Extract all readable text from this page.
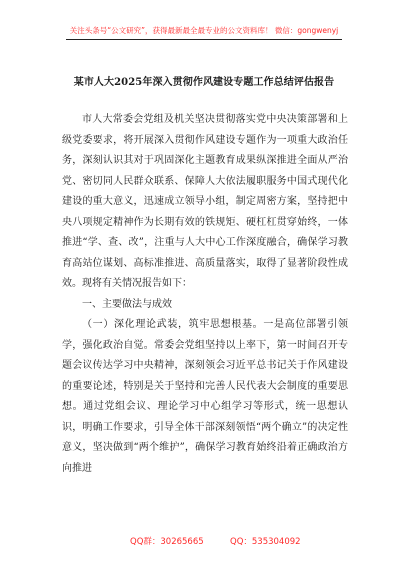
关注头条号“公文研究”，获得最新最全最专业的公文资料库！ 微信：gongwenyj
某市人大2025年深入贯彻作风建设专题工作总结评估报告

市人大常委会党组及机关坚决贯彻落实党中央决策部署和上级党委要求，将开展深入贯彻作风建设专题作为一项重大政治任务，深刻认识其对于巩固深化主题教育成果纵深推进全面从严治党、密切同人民群众联系、保障人大依法履职服务中国式现代化建设的重大意义，迅速成立领导小组，制定周密方案，坚持把中央八项规定精神作为长期有效的铁规矩、硬杠杠贯穿始终，一体推进“学、查、改”，注重与人大中心工作深度融合，确保学习教育高站位谋划、高标准推进、高质量落实，取得了显著阶段性成效。现将有关情况报告如下：

一、主要做法与成效

（一）深化理论武装，筑牢思想根基。一是高位部署引领学，强化政治自觉。常委会党组坚持以上率下，第一时间召开专题会议传达学习中央精神，深刻领会习近平总书记关于作风建设的重要论述，特别是关于坚持和完善人民代表大会制度的重要思想。通过党组会议、理论学习中心组学习等形式，统一思想认识，明确工作要求，引导全体干部深刻领悟“两个确立”的决定性意义，坚决做到“两个维护”，确保学习教育始终沿着正确政治方向推进

QQ群：30265665	QQ：535304092
